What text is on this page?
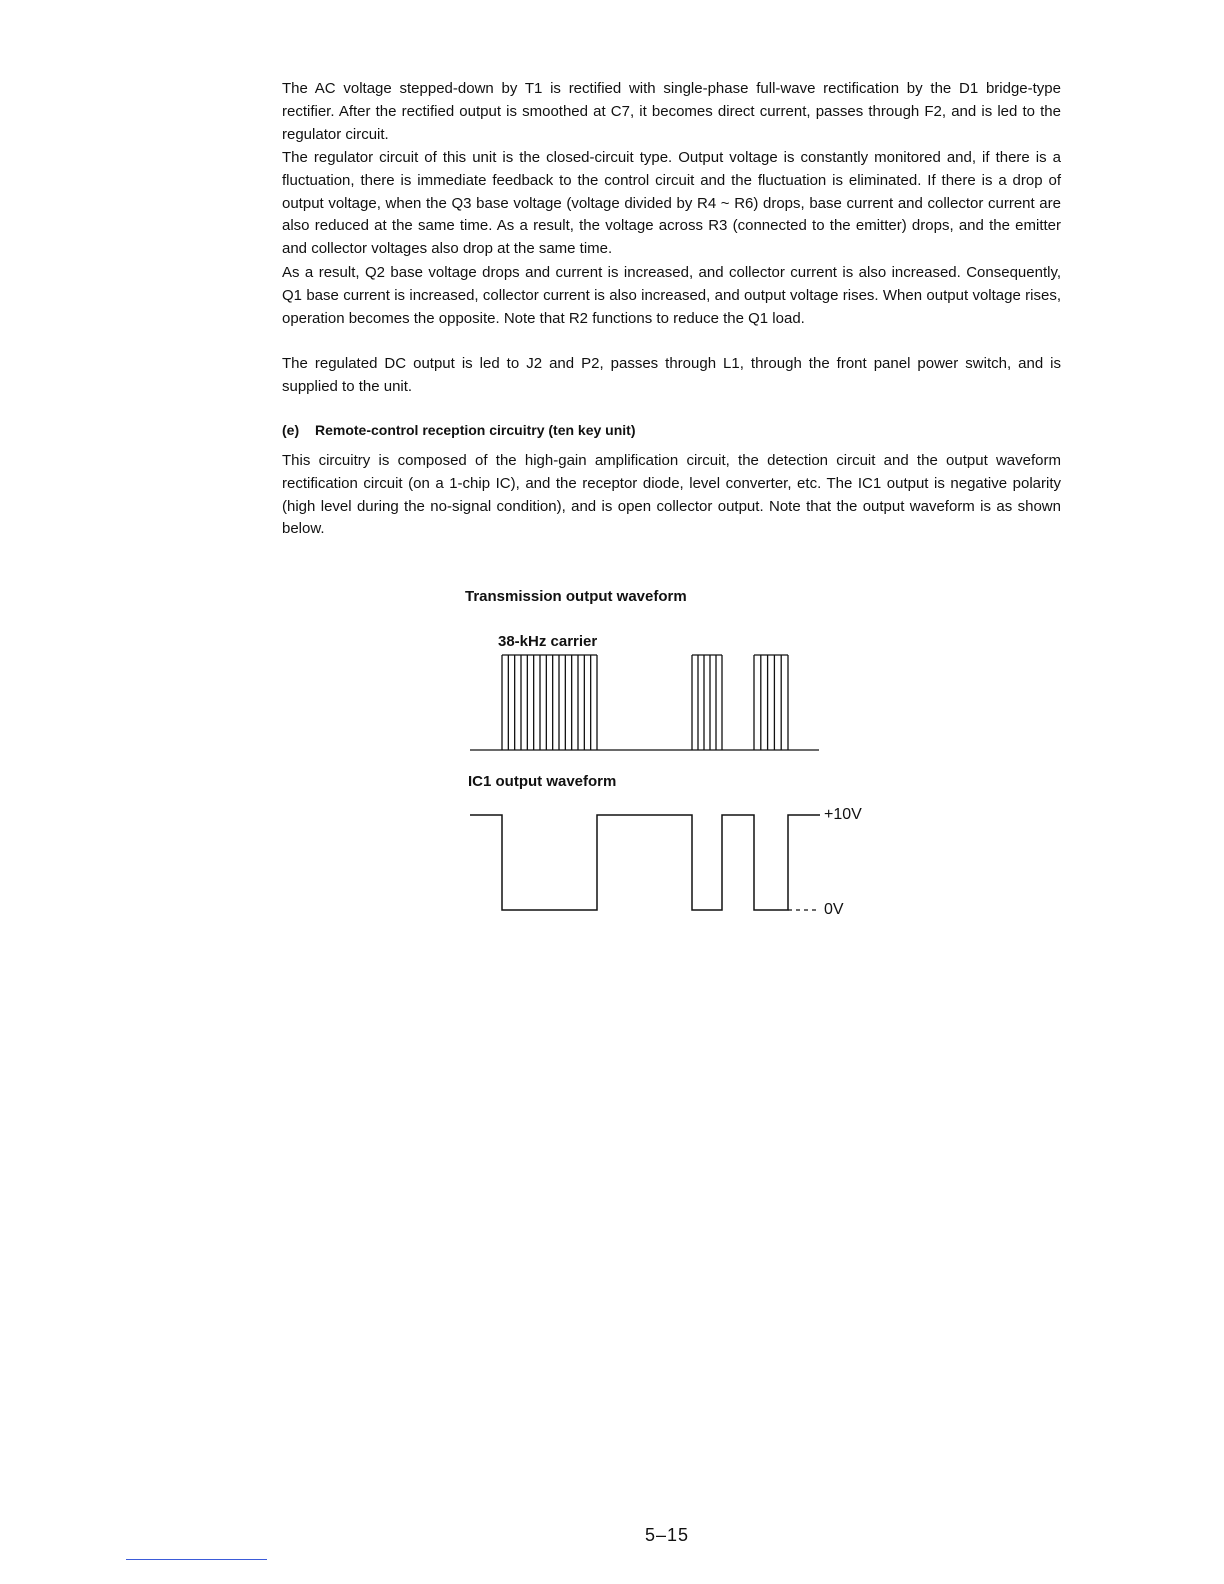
The AC voltage stepped-down by T1 is rectified with single-phase full-wave rectification by the D1 bridge-type rectifier. After the rectified output is smoothed at C7, it becomes direct current, passes through F2, and is led to the regulator circuit.

The regulator circuit of this unit is the closed-circuit type. Output voltage is constantly monitored and, if there is a fluctuation, there is immediate feedback to the control circuit and the fluctuation is eliminated. If there is a drop of output voltage, when the Q3 base voltage (voltage divided by R4 ~ R6) drops, base current and collector current are also reduced at the same time. As a result, the voltage across R3 (connected to the emitter) drops, and the emitter and collector voltages also drop at the same time.

As a result, Q2 base voltage drops and current is increased, and collector current is also increased. Consequently, Q1 base current is increased, collector current is also increased, and output voltage rises. When output voltage rises, operation becomes the opposite. Note that R2 functions to reduce the Q1 load.

The regulated DC output is led to J2 and P2, passes through L1, through the front panel power switch, and is supplied to the unit.

(e) Remote-control reception circuitry (ten key unit)

This circuitry is composed of the high-gain amplification circuit, the detection circuit and the output waveform rectification circuit (on a 1-chip IC), and the receptor diode, level converter, etc. The IC1 output is negative polarity (high level during the no-signal condition), and is open collector output. Note that the output waveform is as shown below.

Transmission output waveform
38-kHz carrier
IC1 output waveform
+10V
0V
5–15
